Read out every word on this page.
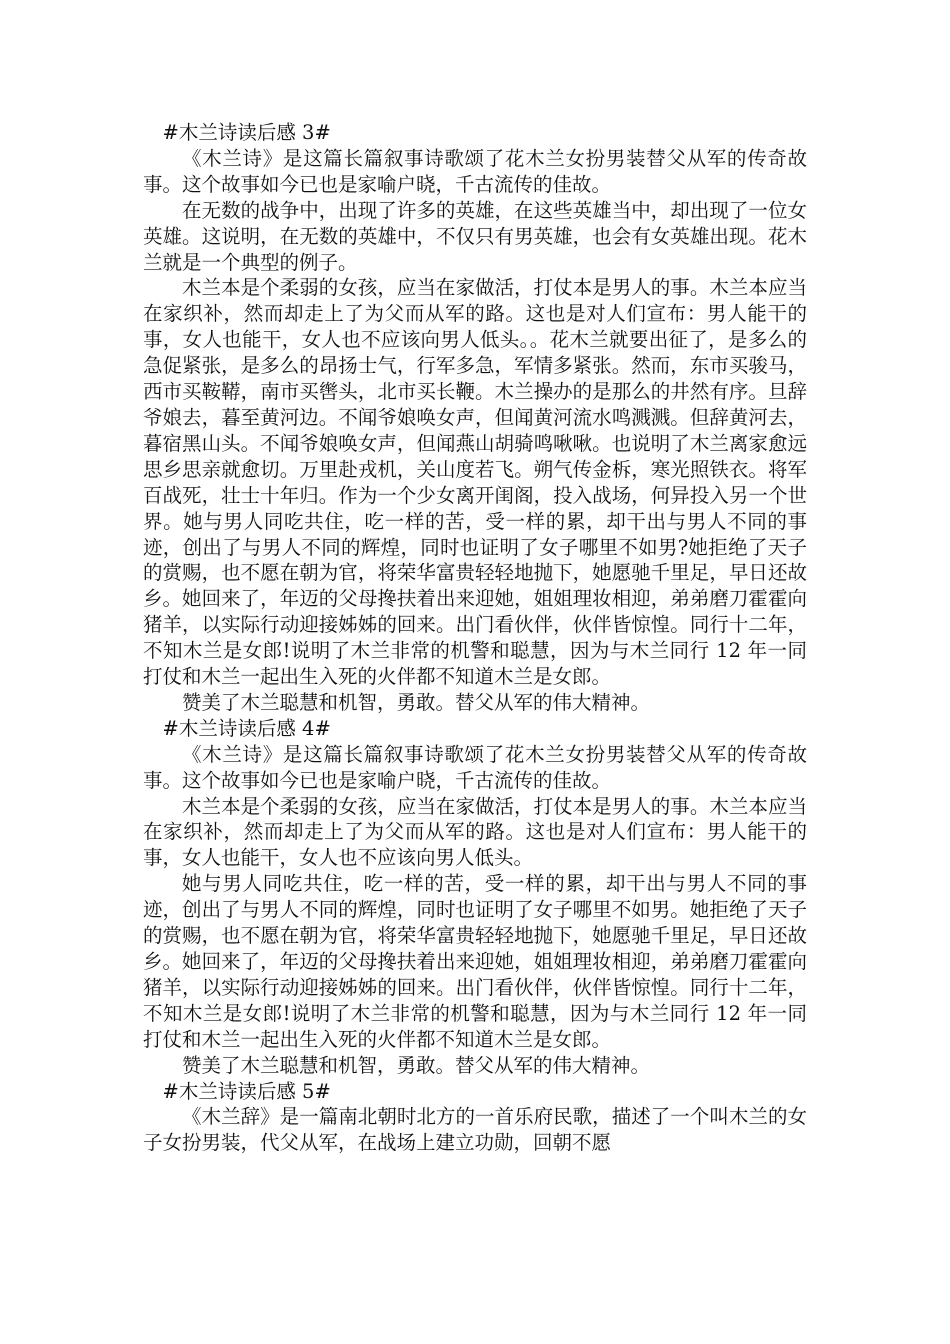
#木兰诗读后感 3#

《木兰诗》是这篇长篇叙事诗歌颂了花木兰女扮男装替父从军的传奇故事。这个故事如今已也是家喻户晓，千古流传的佳故。

在无数的战争中，出现了许多的英雄，在这些英雄当中，却出现了一位女英雄。这说明，在无数的英雄中，不仅只有男英雄，也会有女英雄出现。花木兰就是一个典型的例子。

木兰本是个柔弱的女孩，应当在家做活，打仗本是男人的事。木兰本应当在家织补，然而却走上了为父而从军的路。这也是对人们宣布：男人能干的事，女人也能干，女人也不应该向男人低头。。花木兰就要出征了，是多么的急促紧张，是多么的昂扬士气，行军多急，军情多紧张。然而，东市买骏马，西市买鞍鞯，南市买辔头，北市买长鞭。木兰操办的是那么的井然有序。旦辞爷娘去，暮至黄河边。不闻爷娘唤女声，但闻黄河流水鸣溅溅。但辞黄河去，暮宿黑山头。不闻爷娘唤女声，但闻燕山胡骑鸣啾啾。也说明了木兰离家愈远思乡思亲就愈切。万里赴戎机，关山度若飞。朔气传金柝，寒光照铁衣。将军百战死，壮士十年归。作为一个少女离开闺阁，投入战场，何异投入另一个世界。她与男人同吃共住，吃一样的苦，受一样的累，却干出与男人不同的事迹，创出了与男人不同的辉煌，同时也证明了女子哪里不如男?她拒绝了天子的赏赐，也不愿在朝为官，将荣华富贵轻轻地抛下，她愿驰千里足，早日还故乡。她回来了，年迈的父母搀扶着出来迎她，姐姐理妆相迎，弟弟磨刀霍霍向猪羊，以实际行动迎接姊姊的回来。出门看伙伴，伙伴皆惊惶。同行十二年，不知木兰是女郎!说明了木兰非常的机警和聪慧，因为与木兰同行 12 年一同打仗和木兰一起出生入死的火伴都不知道木兰是女郎。

赞美了木兰聪慧和机智，勇敢。替父从军的伟大精神。

#木兰诗读后感 4#

《木兰诗》是这篇长篇叙事诗歌颂了花木兰女扮男装替父从军的传奇故事。这个故事如今已也是家喻户晓，千古流传的佳故。

木兰本是个柔弱的女孩，应当在家做活，打仗本是男人的事。木兰本应当在家织补，然而却走上了为父而从军的路。这也是对人们宣布：男人能干的事，女人也能干，女人也不应该向男人低头。

她与男人同吃共住，吃一样的苦，受一样的累，却干出与男人不同的事迹，创出了与男人不同的辉煌，同时也证明了女子哪里不如男。她拒绝了天子的赏赐，也不愿在朝为官，将荣华富贵轻轻地抛下，她愿驰千里足，早日还故乡。她回来了，年迈的父母搀扶着出来迎她，姐姐理妆相迎，弟弟磨刀霍霍向猪羊，以实际行动迎接姊姊的回来。出门看伙伴，伙伴皆惊惶。同行十二年，不知木兰是女郎!说明了木兰非常的机警和聪慧，因为与木兰同行 12 年一同打仗和木兰一起出生入死的火伴都不知道木兰是女郎。

赞美了木兰聪慧和机智，勇敢。替父从军的伟大精神。

#木兰诗读后感 5#

《木兰辞》是一篇南北朝时北方的一首乐府民歌，描述了一个叫木兰的女子女扮男装，代父从军，在战场上建立功勋，回朝不愿
